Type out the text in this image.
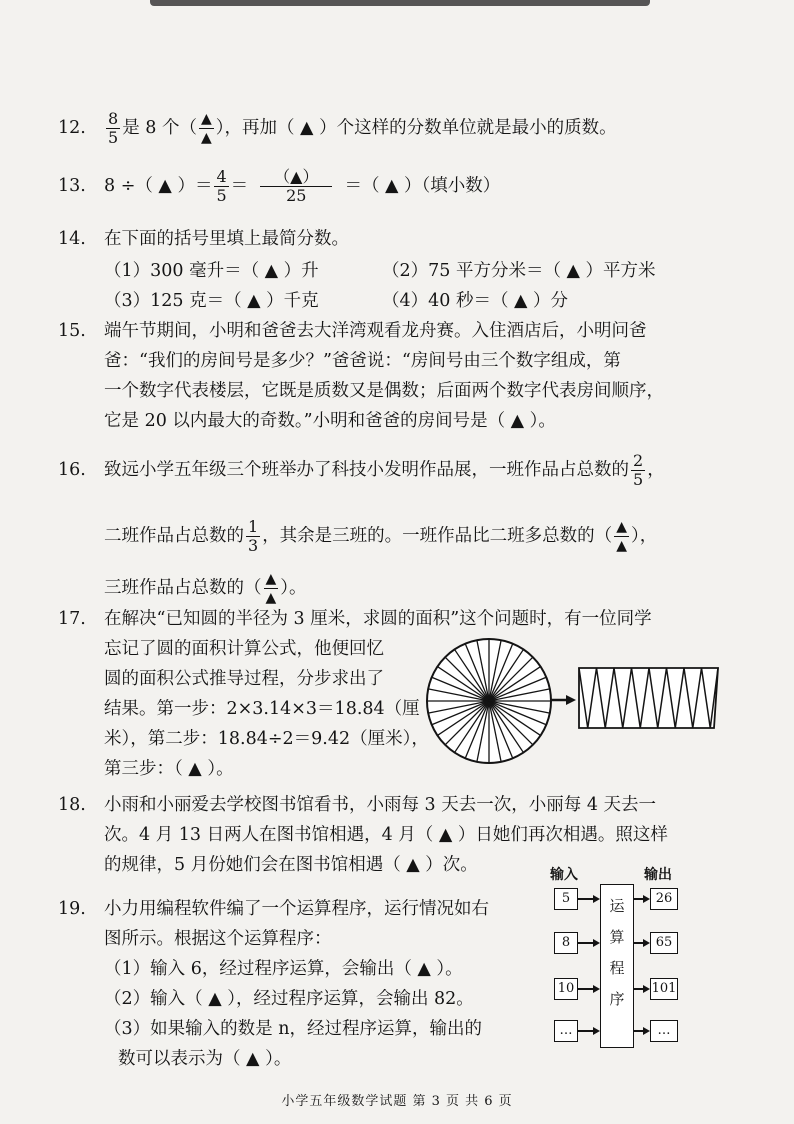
12. $\frac{8}{5}$ 是 8 个（ $\frac{▲}{▲}$ ），再加（ ▲ ）个这样的分数单位就是最小的质数。
13. 8 ÷（ ▲ ）＝ $\frac{4}{5} = \frac{(▲)}{25}$ ＝（ ▲ ）（填小数）
14. 在下面的括号里填上最简分数。
（1）300 毫升＝（ ▲ ）升	（2）75 平方分米＝（ ▲ ）平方米
（3）125 克＝（ ▲ ）千克	（4）40 秒＝（ ▲ ）分
15. 端午节期间，小明和爸爸去大洋湾观看龙舟赛。入住酒店后，小明问爸
爸：“我们的房间号是多少？”爸爸说：“房间号由三个数字组成，第
一个数字代表楼层，它既是质数又是偶数；后面两个数字代表房间顺序，
它是 20 以内最大的奇数。”小明和爸爸的房间号是（ ▲ ）。
16. 致远小学五年级三个班举办了科技小发明作品展，一班作品占总数的 $\frac{2}{5}$ ，
二班作品占总数的 $\frac{1}{3}$ ，其余是三班的。一班作品比二班多总数的（ $\frac{▲}{▲}$ ），
三班作品占总数的（ $\frac{▲}{▲}$ ）。
17. 在解决“已知圆的半径为 3 厘米，求圆的面积”这个问题时，有一位同学
忘记了圆的面积计算公式，他便回忆
圆的面积公式推导过程，分步求出了
结果。第一步：2×3.14×3＝18.84（厘
米），第二步：18.84÷2＝9.42（厘米），
第三步：（ ▲ ）。
18. 小雨和小丽爱去学校图书馆看书，小雨每 3 天去一次，小丽每 4 天去一
次。4 月 13 日两人在图书馆相遇，4 月（ ▲ ）日她们再次相遇。照这样
的规律，5 月份她们会在图书馆相遇（ ▲ ）次。
19. 小力用编程软件编了一个运算程序，运行情况如右
图所示。根据这个运算程序：
（1）输入 6，经过程序运算，会输出（ ▲ ）。
（2）输入（ ▲ ），经过程序运算，会输出 82。
（3）如果输入的数是 n，经过程序运算，输出的
数可以表示为（ ▲ ）。
输入	输出
运
算
程
序
5	26
8	65
10	101
…	…
小学五年级数学试题 第 3 页 共 6 页
